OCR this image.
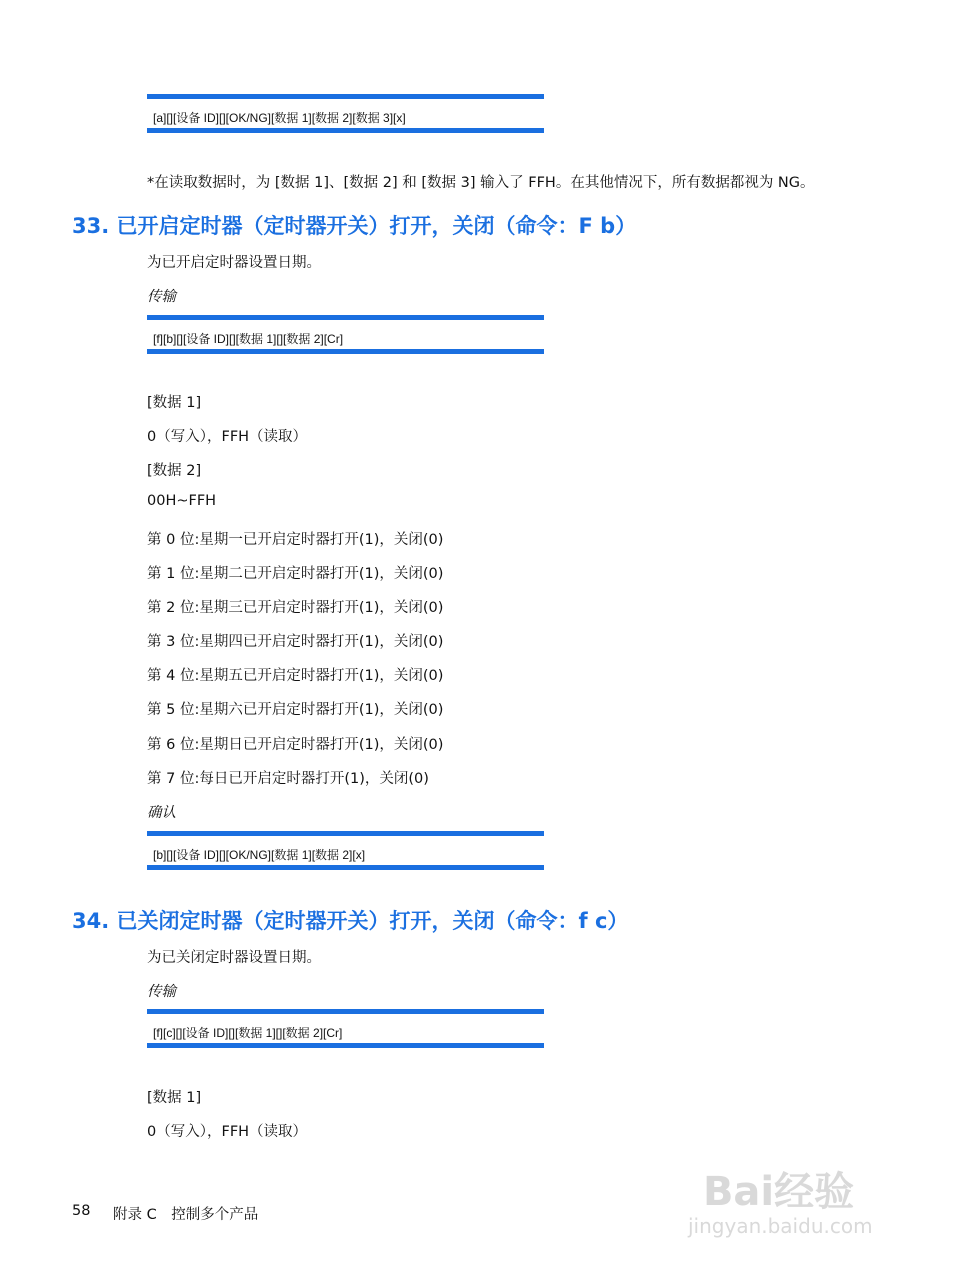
[a][][设备 ID][][OK/NG][数据 1][数据 2][数据 3][x]
*在读取数据时，为 [数据 1]、[数据 2] 和 [数据 3] 输入了 FFH。在其他情况下，所有数据都视为 NG。
33. 已开启定时器（定时器开关）打开，关闭（命令：F b）
为已开启定时器设置日期。
传输
[f][b][][设备 ID][][数据 1][][数据 2][Cr]
[数据 1]
0（写入），FFH（读取）
[数据 2]
00H~FFH
第 0 位:星期一已开启定时器打开(1)，关闭(0)
第 1 位:星期二已开启定时器打开(1)，关闭(0)
第 2 位:星期三已开启定时器打开(1)，关闭(0)
第 3 位:星期四已开启定时器打开(1)，关闭(0)
第 4 位:星期五已开启定时器打开(1)，关闭(0)
第 5 位:星期六已开启定时器打开(1)，关闭(0)
第 6 位:星期日已开启定时器打开(1)，关闭(0)
第 7 位:每日已开启定时器打开(1)，关闭(0)
确认
[b][][设备 ID][][OK/NG][数据 1][数据 2][x]
34. 已关闭定时器（定时器开关）打开，关闭（命令：f c）
为已关闭定时器设置日期。
传输
[f][c][][设备 ID][][数据 1][][数据 2][Cr]
[数据 1]
0（写入），FFH（读取）
58 附录 C　控制多个产品	Bai经验
jingyan.baidu.com
